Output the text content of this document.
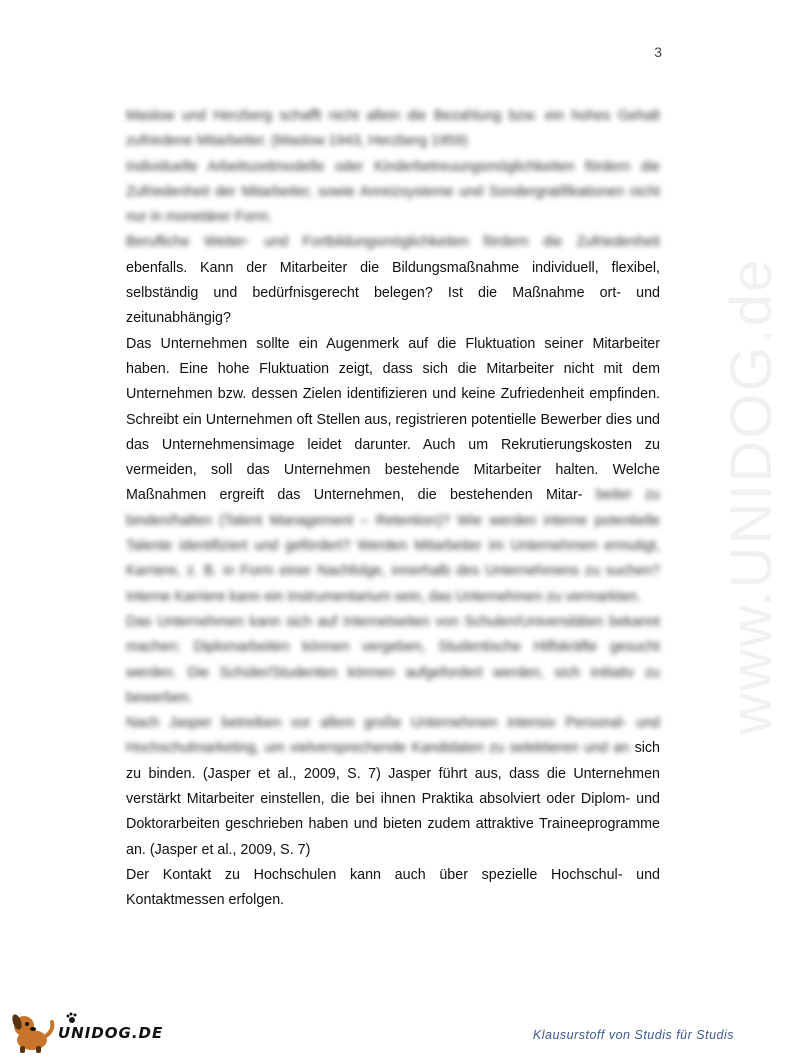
3
www.UNIDOG.de

Maslow und Herzberg schafft nicht allein die Bezahlung bzw. ein hohes Gehalt zufriedene Mitarbeiter. (Maslow 1943, Herzberg 1959)

Individuelle Arbeitszeitmodelle oder Kinderbetreuungsmöglichkeiten fördern die Zufriedenheit der Mitarbeiter, sowie Anreizsysteme und Sondergratifikationen nicht nur in monetärer Form.

Berufliche Weiter- und Fortbildungsmöglichkeiten fördern die Zufriedenheit ebenfalls. Kann der Mitarbeiter die Bildungsmaßnahme individuell, flexibel, selbständig und bedürfnisgerecht belegen? Ist die Maßnahme ort- und zeitunabhängig?

Das Unternehmen sollte ein Augenmerk auf die Fluktuation seiner Mitarbeiter haben. Eine hohe Fluktuation zeigt, dass sich die Mitarbeiter nicht mit dem Unternehmen bzw. dessen Zielen identifizieren und keine Zufriedenheit empfinden. Schreibt ein Unternehmen oft Stellen aus, registrieren potentielle Bewerber dies und das Unternehmensimage leidet darunter. Auch um Rekrutierungskosten zu vermeiden, soll das Unternehmen bestehende Mitarbeiter halten. Welche Maßnahmen ergreift das Unternehmen, die bestehenden Mitar- beiter zu binden/halten (Talent Management – Retention)? Wie werden interne potentielle Talente identifiziert und gefördert? Werden Mitarbeiter im Unternehmen ermutigt, Karriere, z. B. in Form einer Nachfolge, innerhalb des Unternehmens zu suchen? Interne Karriere kann ein Instrumentarium sein, das Unternehmen zu vermarkten.

Das Unternehmen kann sich auf Internetseiten von Schulen/Universitäten bekannt machen: Diplomarbeiten können vergeben, Studentische Hilfskräfte gesucht werden. Die Schüler/Studenten können aufgefordert werden, sich initiativ zu bewerben.

Nach Jasper betreiben vor allem große Unternehmen intensiv Personal- und Hochschulmarketing, um vielversprechende Kandidaten zu selektieren und an sich zu binden. (Jasper et al., 2009, S. 7) Jasper führt aus, dass die Unternehmen verstärkt Mitarbeiter einstellen, die bei ihnen Praktika absolviert oder Diplom- und Doktorarbeiten geschrieben haben und bieten zudem attraktive Traineeprogramme an. (Jasper et al., 2009, S. 7)

Der Kontakt zu Hochschulen kann auch über spezielle Hochschul- und Kontaktmessen erfolgen.

UNIDOG.DE	Klausurstoff von Studis für Studis
